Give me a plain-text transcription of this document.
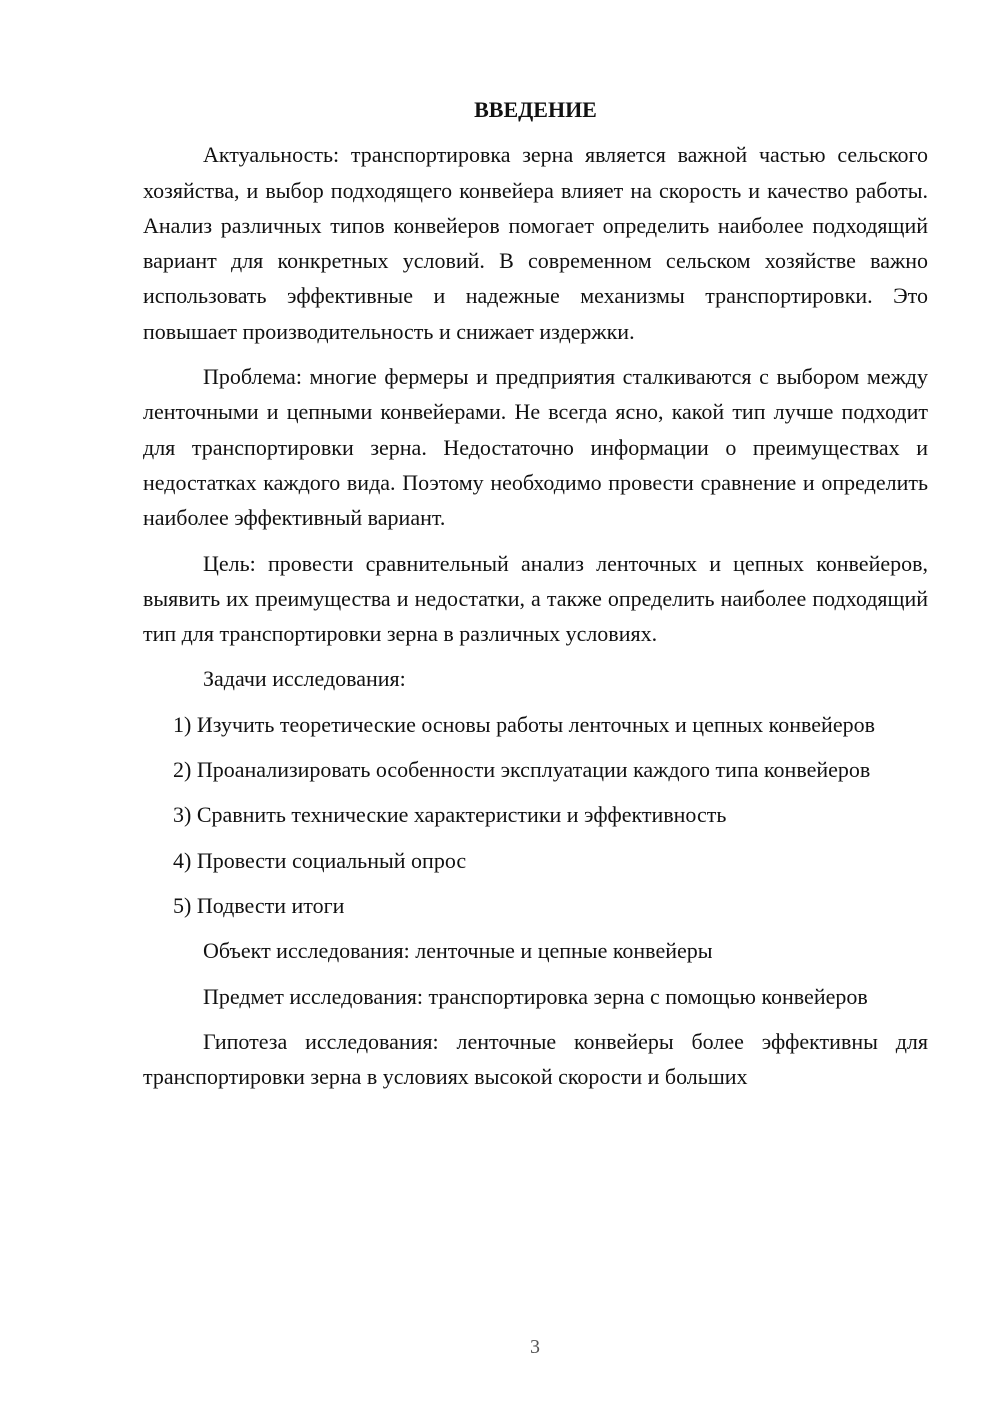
ВВЕДЕНИЕ

Актуальность: транспортировка зерна является важной частью сельского хозяйства, и выбор подходящего конвейера влияет на скорость и качество работы. Анализ различных типов конвейеров помогает определить наиболее подходящий вариант для конкретных условий. В современном сельском хозяйстве важно использовать эффективные и надежные механизмы транспортировки. Это повышает производительность и снижает издержки.

Проблема: многие фермеры и предприятия сталкиваются с выбором между ленточными и цепными конвейерами. Не всегда ясно, какой тип лучше подходит для транспортировки зерна. Недостаточно информации о преимуществах и недостатках каждого вида. Поэтому необходимо провести сравнение и определить наиболее эффективный вариант.

Цель: провести сравнительный анализ ленточных и цепных конвейеров, выявить их преимущества и недостатки, а также определить наиболее подходящий тип для транспортировки зерна в различных условиях.

Задачи исследования:

1) Изучить теоретические основы работы ленточных и цепных конвейеров

2) Проанализировать особенности эксплуатации каждого типа конвейеров

3) Сравнить технические характеристики и эффективность

4) Провести социальный опрос

5) Подвести итоги

Объект исследования: ленточные и цепные конвейеры

Предмет исследования: транспортировка зерна с помощью конвейеров

Гипотеза исследования: ленточные конвейеры более эффективны для транспортировки зерна в условиях высокой скорости и больших

3
